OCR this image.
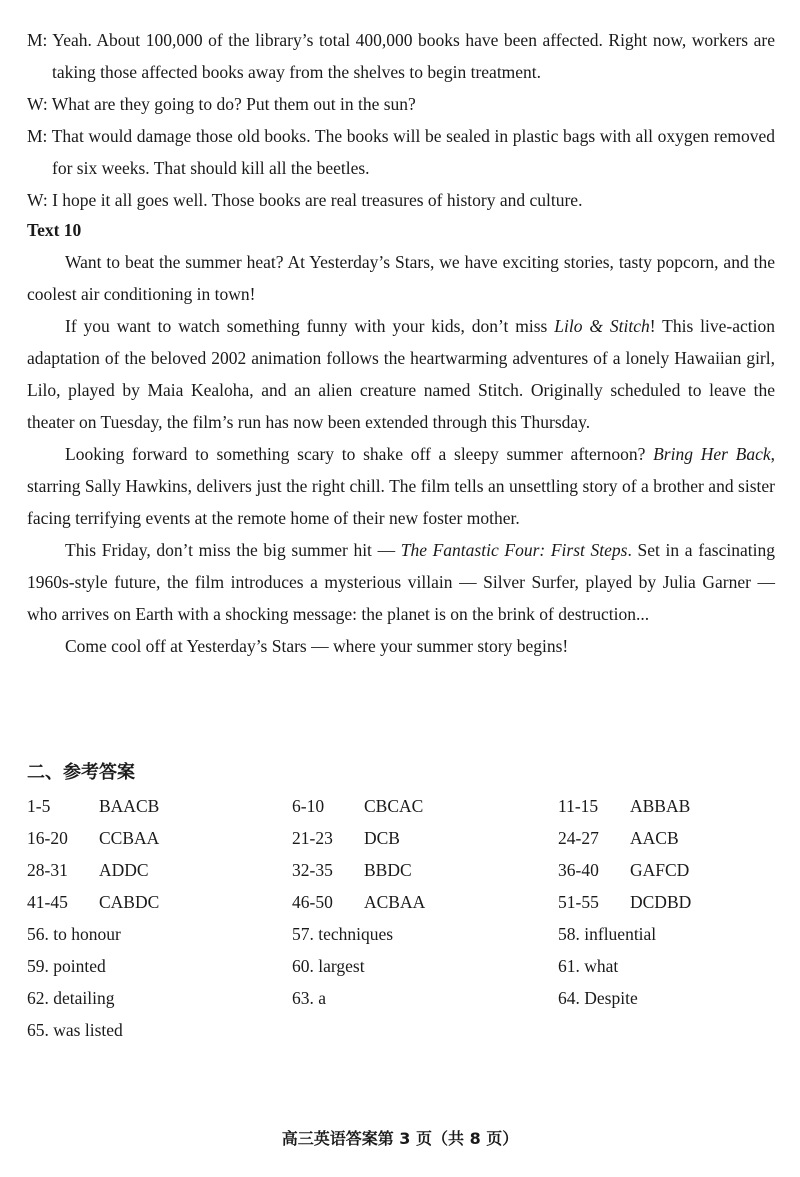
M: Yeah. About 100,000 of the library’s total 400,000 books have been affected. Right now, workers are taking those affected books away from the shelves to begin treatment.

W: What are they going to do? Put them out in the sun?

M: That would damage those old books. The books will be sealed in plastic bags with all oxygen removed for six weeks. That should kill all the beetles.

W: I hope it all goes well. Those books are real treasures of history and culture.

Text 10

Want to beat the summer heat? At Yesterday’s Stars, we have exciting stories, tasty popcorn, and the coolest air conditioning in town!

If you want to watch something funny with your kids, don’t miss Lilo & Stitch! This live-action adaptation of the beloved 2002 animation follows the heartwarming adventures of a lonely Hawaiian girl, Lilo, played by Maia Kealoha, and an alien creature named Stitch. Originally scheduled to leave the theater on Tuesday, the film’s run has now been extended through this Thursday.

Looking forward to something scary to shake off a sleepy summer afternoon? Bring Her Back, starring Sally Hawkins, delivers just the right chill. The film tells an unsettling story of a brother and sister facing terrifying events at the remote home of their new foster mother.

This Friday, don’t miss the big summer hit — The Fantastic Four: First Steps. Set in a fascinating 1960s-style future, the film introduces a mysterious villain — Silver Surfer, played by Julia Garner — who arrives on Earth with a shocking message: the planet is on the brink of destruction...

Come cool off at Yesterday’s Stars — where your summer story begins!

二、参考答案
1-5	BAACB	6-10 CBCAC	11-15 ABBAB
16-20 CCBAA	21-23 DCB	24-27 AACB
28-31 ADDC	32-35 BBDC	36-40 GAFCD
41-45 CABDC	46-50 ACBAA	51-55 DCDBD
56. to honour	57. techniques	58. influential
59. pointed	60. largest	61. what
62. detailing	63. a	64. Despite
65. was listed
高三英语答案第 3 页（共 8 页）
